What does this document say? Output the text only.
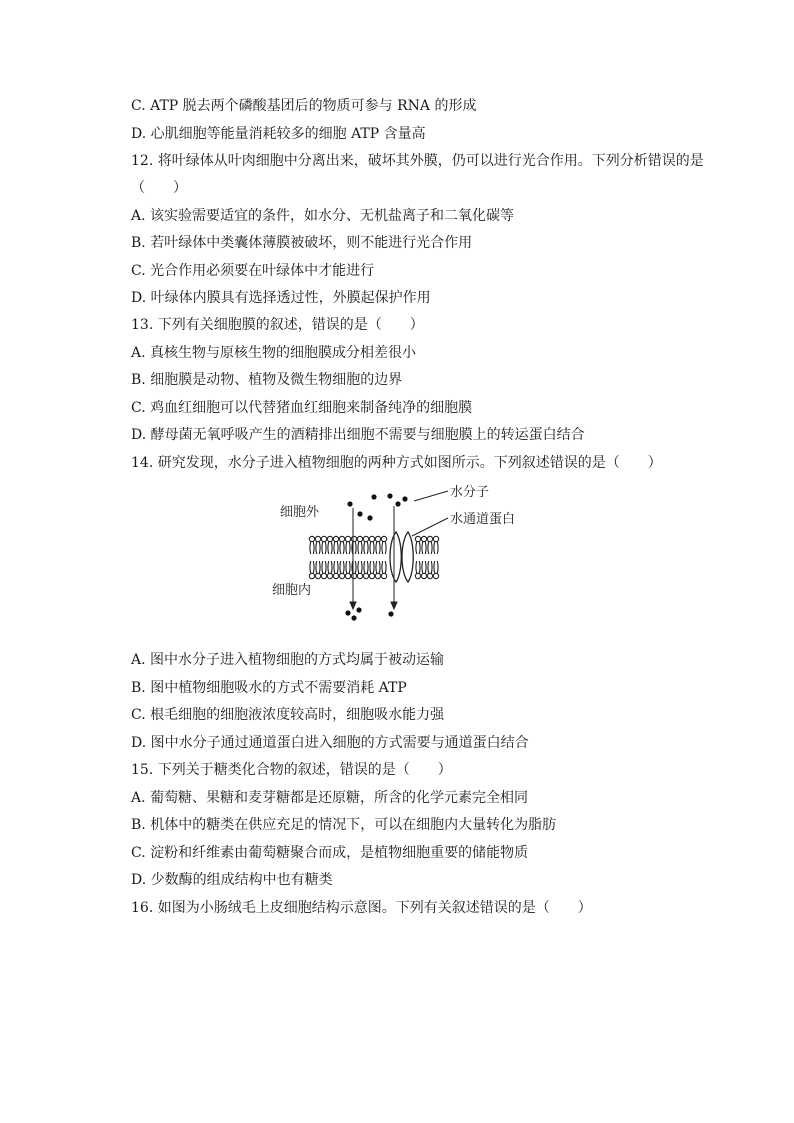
C. ATP 脱去两个磷酸基团后的物质可参与 RNA 的形成
D. 心肌细胞等能量消耗较多的细胞 ATP 含量高
12. 将叶绿体从叶肉细胞中分离出来，破坏其外膜，仍可以进行光合作用。下列分析错误的是
（　　）
A. 该实验需要适宜的条件，如水分、无机盐离子和二氧化碳等
B. 若叶绿体中类囊体薄膜被破坏，则不能进行光合作用
C. 光合作用必须要在叶绿体中才能进行
D. 叶绿体内膜具有选择透过性，外膜起保护作用
13. 下列有关细胞膜的叙述，错误的是（　　）
A. 真核生物与原核生物的细胞膜成分相差很小
B. 细胞膜是动物、植物及微生物细胞的边界
C. 鸡血红细胞可以代替猪血红细胞来制备纯净的细胞膜
D. 酵母菌无氧呼吸产生的酒精排出细胞不需要与细胞膜上的转运蛋白结合
14. 研究发现，水分子进入植物细胞的两种方式如图所示。下列叙述错误的是（　　）
水分子
水通道蛋白
细胞外
细胞内
A. 图中水分子进入植物细胞的方式均属于被动运输
B. 图中植物细胞吸水的方式不需要消耗 ATP
C. 根毛细胞的细胞液浓度较高时，细胞吸水能力强
D. 图中水分子通过通道蛋白进入细胞的方式需要与通道蛋白结合
15. 下列关于糖类化合物的叙述，错误的是（　　）
A. 葡萄糖、果糖和麦芽糖都是还原糖，所含的化学元素完全相同
B. 机体中的糖类在供应充足的情况下，可以在细胞内大量转化为脂肪
C. 淀粉和纤维素由葡萄糖聚合而成，是植物细胞重要的储能物质
D. 少数酶的组成结构中也有糖类
16. 如图为小肠绒毛上皮细胞结构示意图。下列有关叙述错误的是（　　）
